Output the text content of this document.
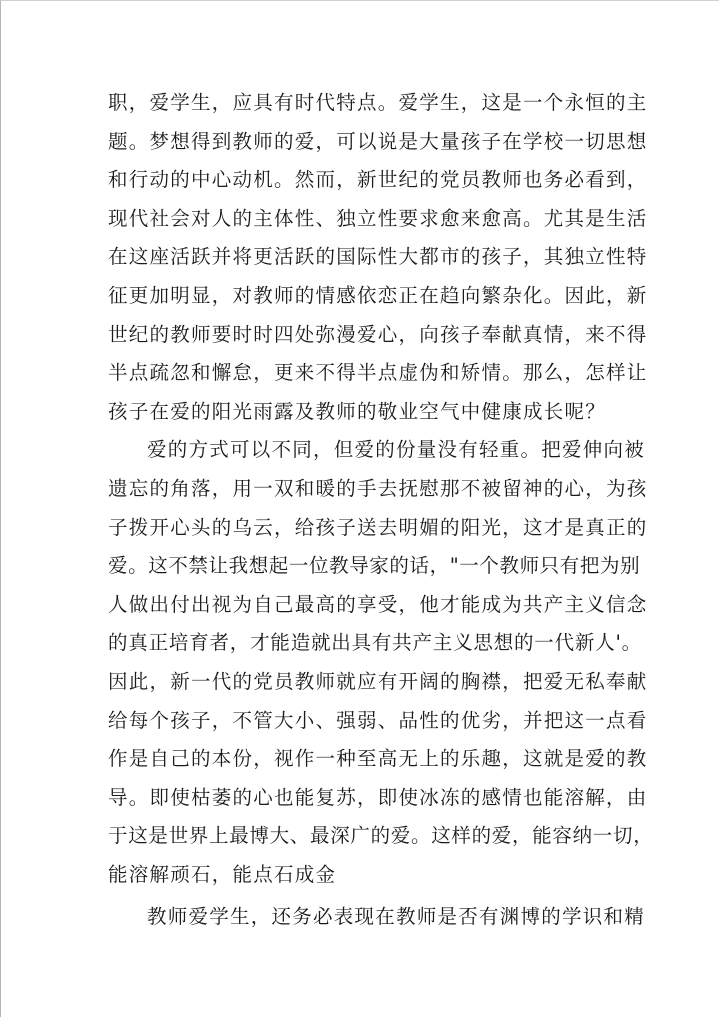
职，爱学生，应具有时代特点。爱学生，这是一个永恒的主
题。梦想得到教师的爱，可以说是大量孩子在学校一切思想
和行动的中心动机。然而，新世纪的党员教师也务必看到，
现代社会对人的主体性、独立性要求愈来愈高。尤其是生活
在这座活跃并将更活跃的国际性大都市的孩子，其独立性特
征更加明显，对教师的情感依恋正在趋向繁杂化。因此，新
世纪的教师要时时四处弥漫爱心，向孩子奉献真情，来不得
半点疏忽和懈怠，更来不得半点虚伪和矫情。那么，怎样让
孩子在爱的阳光雨露及教师的敬业空气中健康成长呢？
爱的方式可以不同，但爱的份量没有轻重。把爱伸向被
遗忘的角落，用一双和暖的手去抚慰那不被留神的心，为孩
子拨开心头的乌云，给孩子送去明媚的阳光，这才是真正的
爱。这不禁让我想起一位教导家的话，"一个教师只有把为别
人做出付出视为自己最高的享受，他才能成为共产主义信念
的真正培育者，才能造就出具有共产主义思想的一代新人'。
因此，新一代的党员教师就应有开阔的胸襟，把爱无私奉献
给每个孩子，不管大小、强弱、品性的优劣，并把这一点看
作是自己的本份，视作一种至高无上的乐趣，这就是爱的教
导。即使枯萎的心也能复苏，即使冰冻的感情也能溶解，由
于这是世界上最博大、最深广的爱。这样的爱，能容纳一切，
能溶解顽石，能点石成金
教师爱学生，还务必表现在教师是否有渊博的学识和精
